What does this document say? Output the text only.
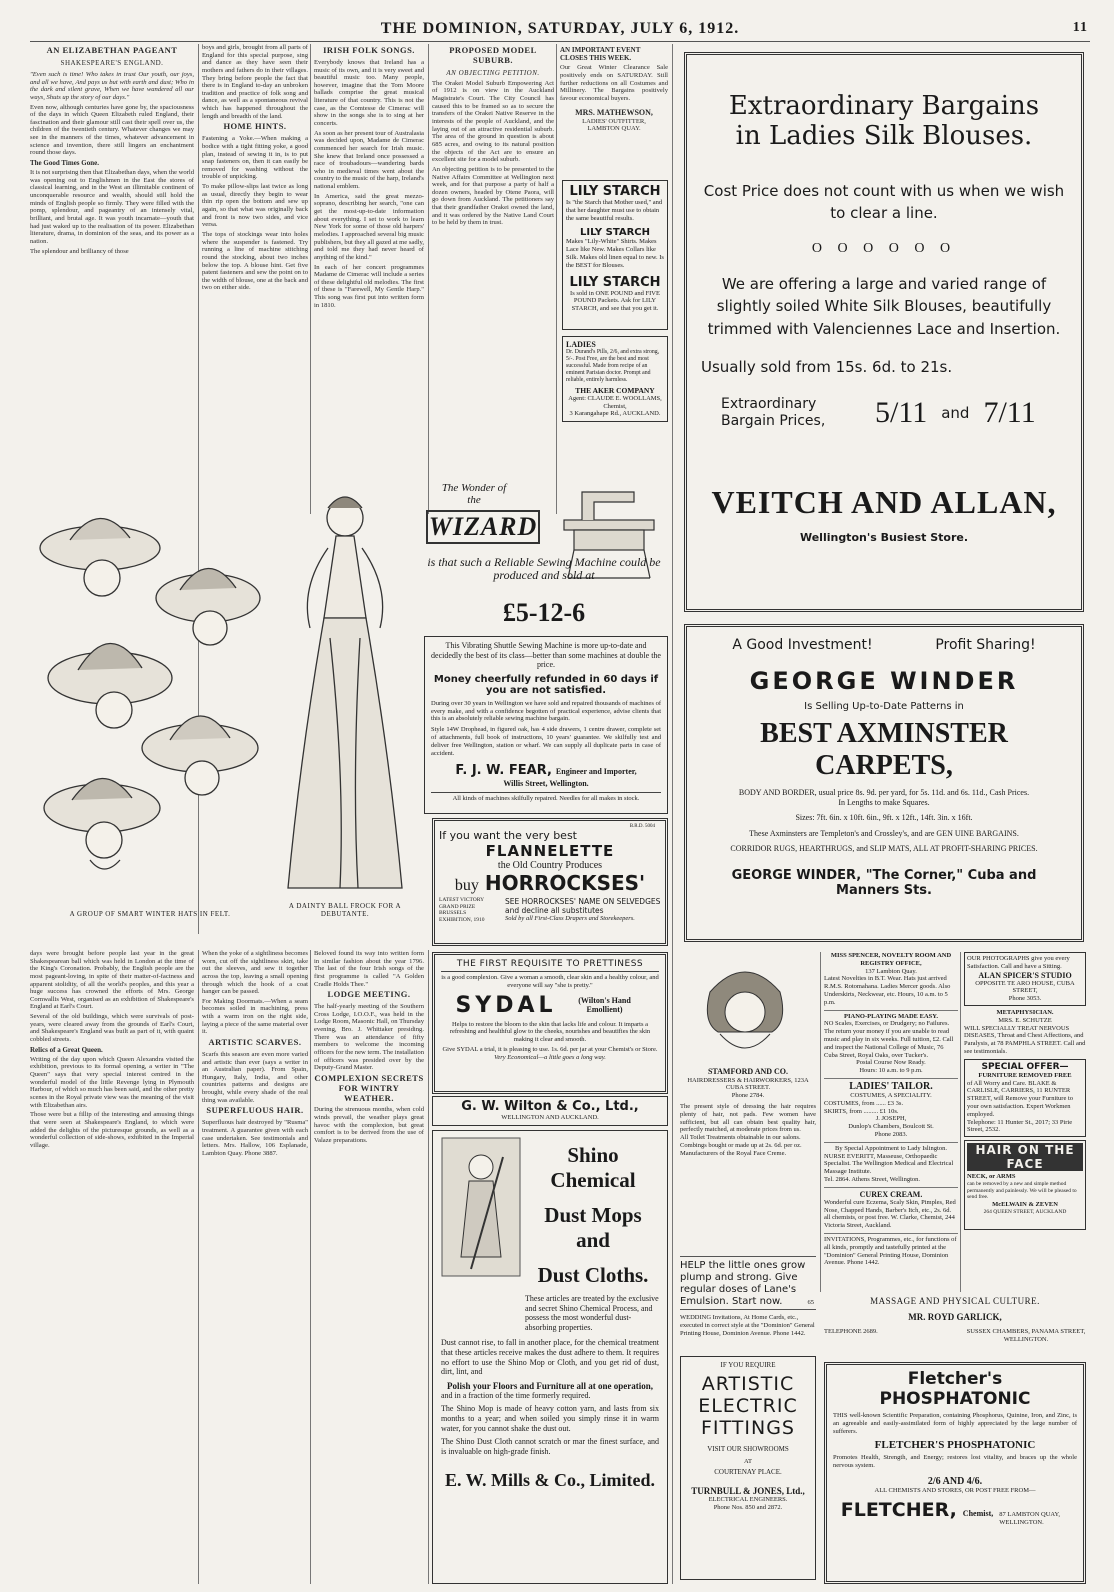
THE DOMINION, SATURDAY, JULY 6, 1912.	11
AN ELIZABETHAN PAGEANT
SHAKESPEARE'S ENGLAND.

"Even such is time! Who takes in trust Our youth, our joys, and all we have, And pays us but with earth and dust; Who in the dark and silent grave, When we have wandered all our ways, Shuts up the story of our days."

Even now, although centuries have gone by, the spaciousness of the days in which Queen Elizabeth ruled England, their fascination and their glamour still cast their spell over us, the children of the twentieth century. Whatever changes we may see in the manners of the times, whatever advancement in science and invention, there still lingers an enchantment round those days.

The Good Times Gone.

It is not surprising then that Elizabethan days, when the world was opening out to Englishmen in the East the stores of classical learning, and in the West an illimitable continent of unconquerable resource and wealth, should still hold the minds of English people so firmly. They were filled with the pomp, splendour, and pageantry of an intensely vital, brilliant, and brutal age. It was youth incarnate—youth that had just waked up to the realisation of its power. Elizabethan literature, drama, in dominion of the seas, and its power as a nation.

The splendour and brilliancy of those

boys and girls, brought from all parts of England for this special purpose, sing and dance as they have seen their mothers and fathers do in their villages. They bring before people the fact that there is in England to-day an unbroken tradition and practice of folk song and dance, as well as a spontaneous revival which has happened throughout the length and breadth of the land.

HOME HINTS.

Fastening a Yoke.—When making a bodice with a tight fitting yoke, a good plan, instead of sewing it in, is to put snap fasteners on, then it can easily be removed for washing without the trouble of unpicking.

To make pillow-slips last twice as long as usual, directly they begin to wear thin rip open the bottom and sew up again, so that what was originally back and front is now two sides, and vice versa.

The tops of stockings wear into holes where the suspender is fastened. Try running a line of machine stitching round the stocking, about two inches below the top. A blouse hint. Get five patent fasteners and sew the point on to the width of blouse, one at the back and two on either side.

IRISH FOLK SONGS.

Everybody knows that Ireland has a music of its own, and it is very sweet and beautiful music too. Many people, however, imagine that the Tom Moore ballads comprise the great musical literature of that country. This is not the case, as the Comtesse de Cimerac will show in the songs she is to sing at her concerts.

As soon as her present tour of Australasia was decided upon, Madame de Cimerac commenced her search for Irish music. She knew that Ireland once possessed a race of troubadours—wandering bards who in medieval times went about the country to the music of the harp, Ireland's national emblem.

In America, said the great mezzo-soprano, describing her search, "one can get the most-up-to-date information about everything. I set to work to learn New York for some of those old harpers' melodies. I approached several big music publishers, but they all gazed at me sadly, and told me they had never heard of anything of the kind."

In each of her concert programmes Madame de Cimerac will include a series of these delightful old melodies. The first of these is "Farewell, My Gentle Harp." This song was first put into written form in 1810.

PROPOSED MODEL SUBURB.
AN OBJECTING PETITION.

The Orakei Model Suburb Empowering Act of 1912 is on view in the Auckland Magistrate's Court. The City Council has caused this to be framed so as to secure the transfers of the Orakei Native Reserve in the interests of the people of Auckland, and the laying out of an attractive residential suburb. The area of the ground in question is about 685 acres, and owing to its natural position the objects of the Act are to ensure an excellent site for a model suburb.

An objecting petition is to be presented to the Native Affairs Committee at Wellington next week, and for that purpose a party of half a dozen owners, headed by Otene Paora, will go down from Auckland. The petitioners say that their grandfather Orakei owned the land, and it was ordered by the Native Land Court to be held by them in trust.

AN IMPORTANT EVENT CLOSES THIS WEEK.

Our Great Winter Clearance Sale positively ends on SATURDAY. Still further reductions on all Costumes and Millinery. The Bargains positively favour economical buyers.

MRS. MATHEWSON,
LADIES' OUTFITTER,
LAMBTON QUAY.
LILY STARCH
Is "the Starch that Mother used," and that her daughter must use to obtain the same beautiful results.
LILY STARCH
Makes "Lily-White" Shirts. Makes Lace like New. Makes Collars like Silk. Makes old linen equal to new. Is the BEST for Blouses.
LILY STARCH
Is sold in ONE POUND and FIVE POUND Packets. Ask for LILY STARCH, and see that you get it.
LADIES
Dr. Durand's Pills, 2/6, and extra strong, 5/-. Post Free, are the best and most successful. Made from recipe of an eminent Parisian doctor. Prompt and reliable, entirely harmless.
THE AKER COMPANY
Agent: CLAUDE E. WOOLLAMS, Chemist,
3 Karangahape Rd., AUCKLAND.
A GROUP OF SMART WINTER HATS IN FELT.
A DAINTY BALL FROCK FOR A DEBUTANTE.
The Wonder of the
WIZARD
is that such a Reliable Sewing Machine could be produced and sold at
£5-12-6
This Vibrating Shuttle Sewing Machine is more up-to-date and decidedly the best of its class—better than some machines at double the price.
Money cheerfully refunded in 60 days if you are not satisfied.
During over 30 years in Wellington we have sold and repaired thousands of machines of every make, and with a confidence begotten of practical experience, advise clients that this is an absolutely reliable sewing machine bargain.
Style 14W Drophead, in figured oak, has 4 side drawers, 1 centre drawer, complete set of attachments, full book of instructions, 10 years' guarantee. We skilfully test and deliver free Wellington, station or wharf. We can supply all duplicate parts in case of accident.
F. J. W. FEAR, Engineer and Importer,
Willis Street, Wellington.
All kinds of machines skilfully repaired. Needles for all makes in stock.
B.R.D. 5004
If you want the very best
FLANNELETTE
the Old Country Produces
buy HORROCKSES'
LATEST VICTORY GRAND PRIZE BRUSSELS EXHIBITION, 1910
SEE HORROCKSES' NAME ON SELVEDGES and decline all substitutes
Sold by all First-Class Drapers and Storekeepers.
Extraordinary Bargains
in Ladies Silk Blouses.
Cost Price does not count with us when we wish to clear a line.
O O O O O O
We are offering a large and varied range of slightly soiled White Silk Blouses, beautifully trimmed with Valenciennes Lace and Insertion.
Usually sold from 15s. 6d. to 21s.
Extraordinary Bargain Prices,	5/11 and 7/11
VEITCH AND ALLAN,
Wellington's Busiest Store.
A Good Investment!	Profit Sharing!
GEORGE WINDER
Is Selling Up-to-Date Patterns in
BEST AXMINSTER CARPETS,
BODY AND BORDER, usual price 8s. 9d. per yard, for 5s. 11d. and 6s. 11d., Cash Prices.
In Lengths to make Squares.
Sizes: 7ft. 6in. x 10ft. 6in., 9ft. x 12ft., 14ft. 3in. x 16ft.
These Axminsters are Templeton's and Crossley's, and are GEN UINE BARGAINS.
CORRIDOR RUGS, HEARTHRUGS, and SLIP MATS, ALL AT PROFIT-SHARING PRICES.
GEORGE WINDER, "The Corner," Cuba and Manners Sts.

days were brought before people last year in the great Shakespearean ball which was held in London at the time of the King's Coronation. Probably, the English people are the most pageant-loving, in spite of their matter-of-factness and apparent stolidity, of all the world's peoples, and this year a huge success has crowned the efforts of Mrs. George Cornwallis West, organised as an exhibition of Shakespeare's England at Earl's Court.

Several of the old buildings, which were survivals of post-years, were cleared away from the grounds of Earl's Court, and Shakespeare's England was built as part of it, with quaint cobbled streets.

Relics of a Great Queen.

Writing of the day upon which Queen Alexandra visited the exhibition, previous to its formal opening, a writer in "The Queen" says that very special interest centred in the wonderful model of the little Revenge lying in Plymouth Harbour, of which so much has been said, and the other pretty scenes in the Royal private view was the meaning of the visit with Elizabethan airs.

Those were but a fillip of the interesting and amusing things that were seen at Shakespeare's England, to which were added the delights of the picturesque grounds, as well as a wonderful collection of side-shows, exhibited in the Imperial village.

When the yoke of a sightliness becomes worn, cut off the sightliness skirt, take out the sleeves, and sew it together across the top, leaving a small opening through which the hook of a coat hanger can be passed.

For Making Doormats.—When a seam becomes soiled in machining, press with a warm iron on the right side, laying a piece of the same material over it.

ARTISTIC SCARVES.

Scarfs this season are even more varied and artistic than ever (says a writer in an Australian paper). From Spain, Hungary, Italy, India, and other countries patterns and designs are brought, while every shade of the real thing was available.

SUPERFLUOUS HAIR.

Superfluous hair destroyed by "Rusma" treatment. A guarantee given with each case undertaken. See testimonials and letters. Mrs. Hallow, 106 Esplanade, Lambton Quay. Phone 3887.

Beloved found its way into written form in similar fashion about the year 1796. The last of the four Irish songs of the first programme is called "A Golden Cradle Holds Thee."

LODGE MEETING.

The half-yearly meeting of the Southern Cross Lodge, I.O.O.F., was held in the Lodge Room, Masonic Hall, on Thursday evening, Bro. J. Whittaker presiding. There was an attendance of fifty members to welcome the incoming officers for the new term. The installation of officers was presided over by the Deputy-Grand Master.

COMPLEXION SECRETS FOR WINTRY WEATHER.

During the strenuous months, when cold winds prevail, the weather plays great havoc with the complexion, but great comfort is to be derived from the use of Valaze preparations.

THE FIRST REQUISITE TO PRETTINESS
is a good complexion. Give a woman a smooth, clear skin and a healthy colour, and everyone will say "she is pretty."
SYDAL	(Wilton's Hand Emollient)
Helps to restore the bloom to the skin that lacks life and colour. It imparts a refreshing and healthful glow to the cheeks, nourishes and beautifies the skin making it clear and smooth.
Give SYDAL a trial, it is pleasing to use. 1s. 6d. per jar at your Chemist's or Store.
Very Economical—a little goes a long way.
G. W. Wilton & Co., Ltd.,
WELLINGTON AND AUCKLAND.
Shino Chemical
Dust Mops and
Dust Cloths.
These articles are treated by the exclusive and secret Shino Chemical Process, and possess the most wonderful dust-absorbing properties.
Dust cannot rise, to fall in another place, for the chemical treatment that these articles receive makes the dust adhere to them. It requires no effort to use the Shino Mop or Cloth, and you get rid of dust, dirt, lint, and
Polish your Floors and Furniture all at one operation,
and in a fraction of the time formerly required.
The Shino Mop is made of heavy cotton yarn, and lasts from six months to a year; and when soiled you simply rinse it in warm water, for you cannot shake the dust out.
The Shino Dust Cloth cannot scratch or mar the finest surface, and is invaluable on high-grade finish.
E. W. Mills & Co., Limited.
STAMFORD AND CO.
HAIRDRESSERS & HAIRWORKERS, 123A CUBA STREET.
Phone 2784.
The present style of dressing the hair requires plenty of hair, not pads. Few women have sufficient, but all can obtain best quality hair, perfectly matched, at moderate prices from us.
All Toilet Treatments obtainable in our salons.
Combings bought or made up at 2s. 6d. per oz.
Manufacturers of the Royal Face Creme.
HELP the little ones grow plump and strong. Give regular doses of Lane's Emulsion. Start now.	65
WEDDING Invitations, At Home Cards, etc., executed in correct style at the "Dominion" General Printing House, Dominion Avenue. Phone 1442.
IF YOU REQUIRE
ARTISTIC
ELECTRIC
FITTINGS
VISIT OUR SHOWROOMS
AT
COURTENAY PLACE.
TURNBULL & JONES, Ltd.,
ELECTRICAL ENGINEERS.
Phone Nos. 850 and 2872.
MISS SPENCER, NOVELTY ROOM AND REGISTRY OFFICE,
137 Lambton Quay.
Latest Novelties in B.T. Wear. Hats just arrived R.M.S. Rotomahana. Ladies Mercer goods. Also Underskirts, Neckwear, etc. Hours, 10 a.m. to 5 p.m.
PIANO-PLAYING MADE EASY.
NO Scales, Exercises, or Drudgery; no Failures. The return your money if you are unable to read music and play in six weeks. Full tuition, £2. Call and inspect the National College of Music, 76 Cuba Street, Royal Oaks, over Tucker's.
Postal Course Now Ready.
Hours: 10 a.m. to 9 p.m.
LADIES' TAILOR.
COSTUMES, A SPECIALITY.
COSTUMES, from ...... £3 3s.
SKIRTS, from ......... £1 10s.
J. JOSEPH,
Dunlop's Chambers, Boulcott St.
Phone 2083.
By Special Appointment to Lady Islington.
NURSE EVERITT, Masseuse, Orthopaedic Specialist. The Wellington Medical and Electrical Massage Institute.
Tel. 2864. Athens Street, Wellington.
CUREX CREAM.
Wonderful cure Eczema, Scaly Skin, Pimples, Red Nose, Chapped Hands, Barber's Itch, etc., 2s. 6d. all chemists, or post free. W. Clarke, Chemist, 244 Victoria Street, Auckland.
INVITATIONS, Programmes, etc., for functions of all kinds, promptly and tastefully printed at the "Dominion" General Printing House, Dominion Avenue. Phone 1442.
OUR PHOTOGRAPHS give you every Satisfaction. Call and have a Sitting.
ALAN SPICER'S STUDIO
OPPOSITE TE ARO HOUSE, CUBA STREET,
Phone 3053.
METAPHYSICIAN.
MRS. E. SCHUTZE
WILL SPECIALLY TREAT NERVOUS DISEASES, Throat and Chest Affections, and Paralysis, at 78 PAMPHLA STREET. Call and see testimonials.
SPECIAL OFFER—
FURNITURE REMOVED FREE
of All Worry and Care. BLAKE & CARLISLE, CARRIERS, 11 RUNTER STREET, will Remove your Furniture to your own satisfaction. Expert Workmen employed.
Telephone: 11 Hunter St., 2017; 33 Pirie Street, 2532.
HAIR ON THE FACE
NECK, or ARMS
can be removed by a new and simple method permanently and painlessly. We will be pleased to send free.
McELWAIN & ZEVEN
264 QUEEN STREET, AUCKLAND
MASSAGE AND PHYSICAL CULTURE.
MR. ROYD GARLICK,
TELEPHONE 2689.	SUSSEX CHAMBERS, PANAMA STREET, WELLINGTON.
Fletcher's PHOSPHATONIC
THIS well-known Scientific Preparation, containing Phosphorus, Quinine, Iron, and Zinc, is an agreeable and easily-assimilated form of highly appreciated by the large number of sufferers.
FLETCHER'S PHOSPHATONIC
Promotes Health, Strength, and Energy; restores lost vitality, and braces up the whole nervous system.
2/6 AND 4/6.
ALL CHEMISTS AND STORES, OR POST FREE FROM—
FLETCHER, Chemist, 87 LAMBTON QUAY, WELLINGTON.
